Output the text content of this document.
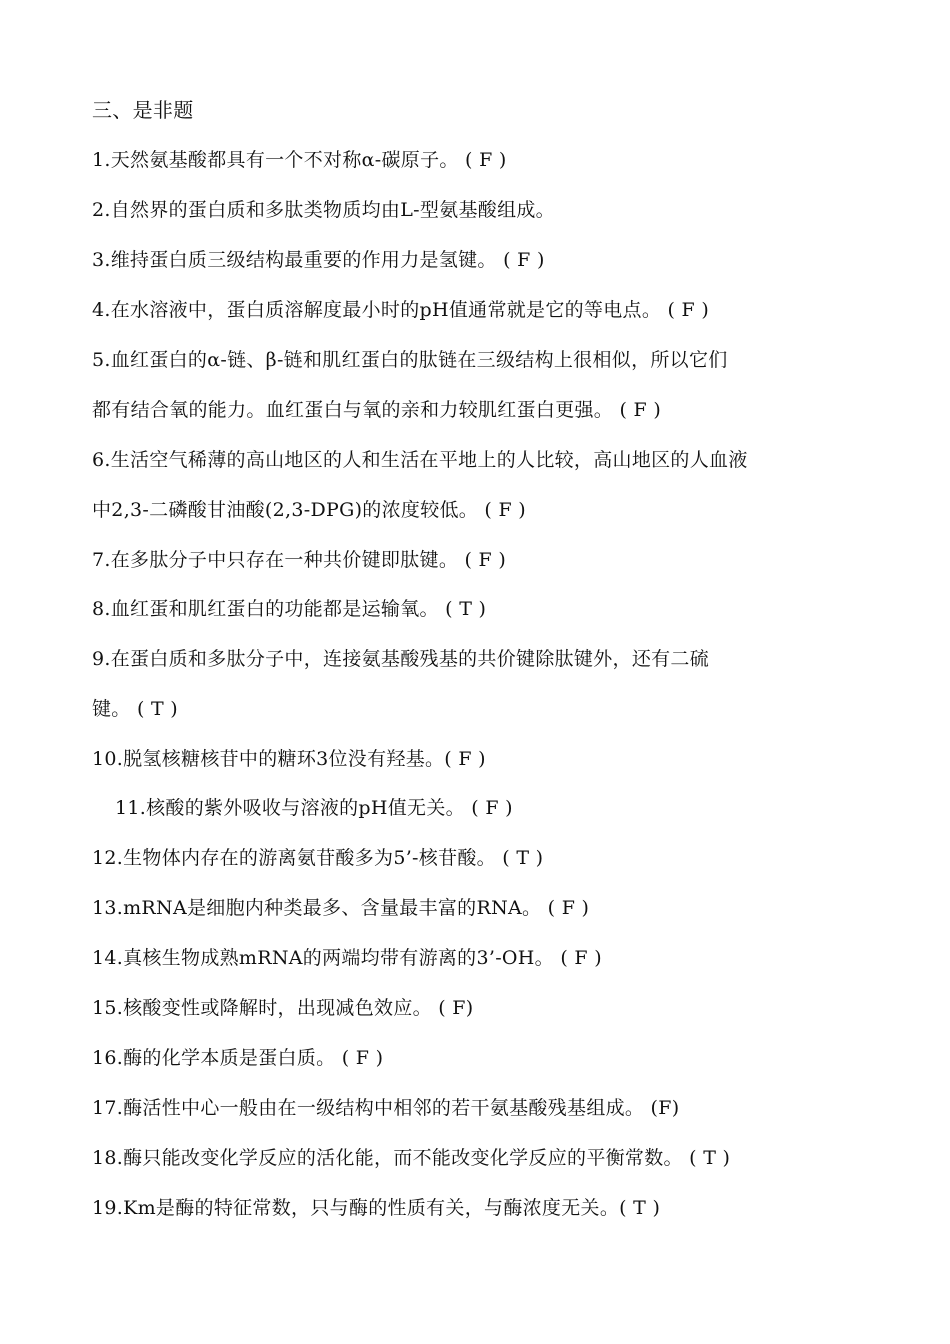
三、是非题
1.天然氨基酸都具有一个不对称α-碳原子。 ( F )
2.自然界的蛋白质和多肽类物质均由L-型氨基酸组成。
3.维持蛋白质三级结构最重要的作用力是氢键。 ( F )
4.在水溶液中，蛋白质溶解度最小时的pH值通常就是它的等电点。 ( F )
5.血红蛋白的α-链、β-链和肌红蛋白的肽链在三级结构上很相似，所以它们
都有结合氧的能力。血红蛋白与氧的亲和力较肌红蛋白更强。 ( F )
6.生活空气稀薄的高山地区的人和生活在平地上的人比较，高山地区的人血液
中2,3-二磷酸甘油酸(2,3-DPG)的浓度较低。 ( F )
7.在多肽分子中只存在一种共价键即肽键。 ( F )
8.血红蛋和肌红蛋白的功能都是运输氧。 ( T )
9.在蛋白质和多肽分子中，连接氨基酸残基的共价键除肽键外，还有二硫
键。 ( T )
10.脱氢核糖核苷中的糖环3位没有羟基。( F )
11.核酸的紫外吸收与溶液的pH值无关。 ( F )
12.生物体内存在的游离氨苷酸多为5’-核苷酸。 ( T )
13.mRNA是细胞内种类最多、含量最丰富的RNA。 ( F )
14.真核生物成熟mRNA的两端均带有游离的3’-OH。 ( F )
15.核酸变性或降解时，出现减色效应。 ( F)
16.酶的化学本质是蛋白质。 ( F )
17.酶活性中心一般由在一级结构中相邻的若干氨基酸残基组成。 (F)
18.酶只能改变化学反应的活化能，而不能改变化学反应的平衡常数。 ( T )
19.Km是酶的特征常数，只与酶的性质有关，与酶浓度无关。( T )
